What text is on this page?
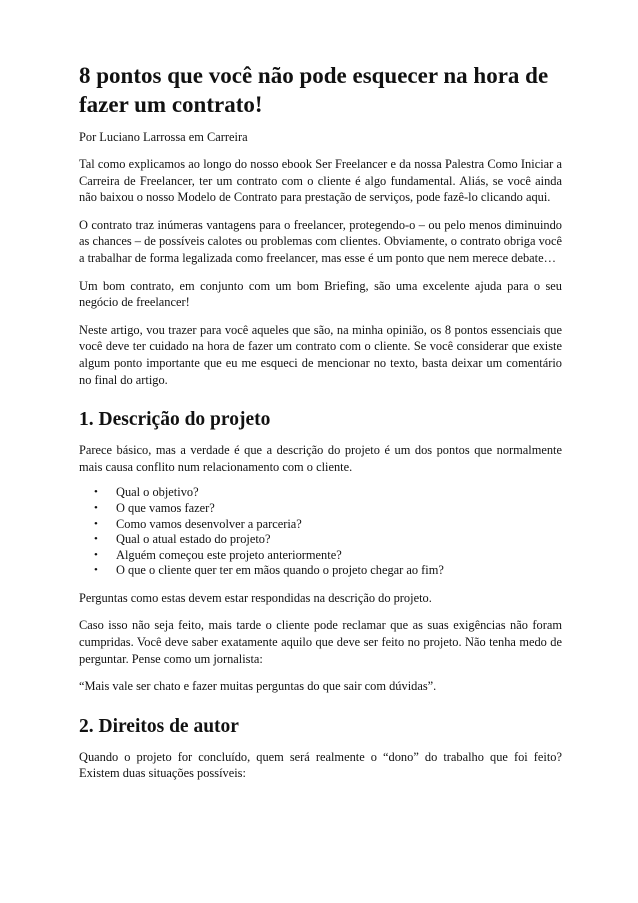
8 pontos que você não pode esquecer na hora de fazer um contrato!

Por Luciano Larrossa em Carreira

Tal como explicamos ao longo do nosso ebook Ser Freelancer e da nossa Palestra Como Iniciar a Carreira de Freelancer, ter um contrato com o cliente é algo fundamental. Aliás, se você ainda não baixou o nosso Modelo de Contrato para prestação de serviços, pode fazê-lo clicando aqui.

O contrato traz inúmeras vantagens para o freelancer, protegendo-o – ou pelo menos diminuindo as chances – de possíveis calotes ou problemas com clientes. Obviamente, o contrato obriga você a trabalhar de forma legalizada como freelancer, mas esse é um ponto que nem merece debate…

Um bom contrato, em conjunto com um bom Briefing, são uma excelente ajuda para o seu negócio de freelancer!

Neste artigo, vou trazer para você aqueles que são, na minha opinião, os 8 pontos essenciais que você deve ter cuidado na hora de fazer um contrato com o cliente. Se você considerar que existe algum ponto importante que eu me esqueci de mencionar no texto, basta deixar um comentário no final do artigo.

1. Descrição do projeto

Parece básico, mas a verdade é que a descrição do projeto é um dos pontos que normalmente mais causa conflito num relacionamento com o cliente.

• Qual o objetivo?
• O que vamos fazer?
• Como vamos desenvolver a parceria?
• Qual o atual estado do projeto?
• Alguém começou este projeto anteriormente?
• O que o cliente quer ter em mãos quando o projeto chegar ao fim?

Perguntas como estas devem estar respondidas na descrição do projeto.

Caso isso não seja feito, mais tarde o cliente pode reclamar que as suas exigências não foram cumpridas. Você deve saber exatamente aquilo que deve ser feito no projeto. Não tenha medo de perguntar. Pense como um jornalista:

“Mais vale ser chato e fazer muitas perguntas do que sair com dúvidas”.

2. Direitos de autor

Quando o projeto for concluído, quem será realmente o “dono” do trabalho que foi feito? Existem duas situações possíveis:
